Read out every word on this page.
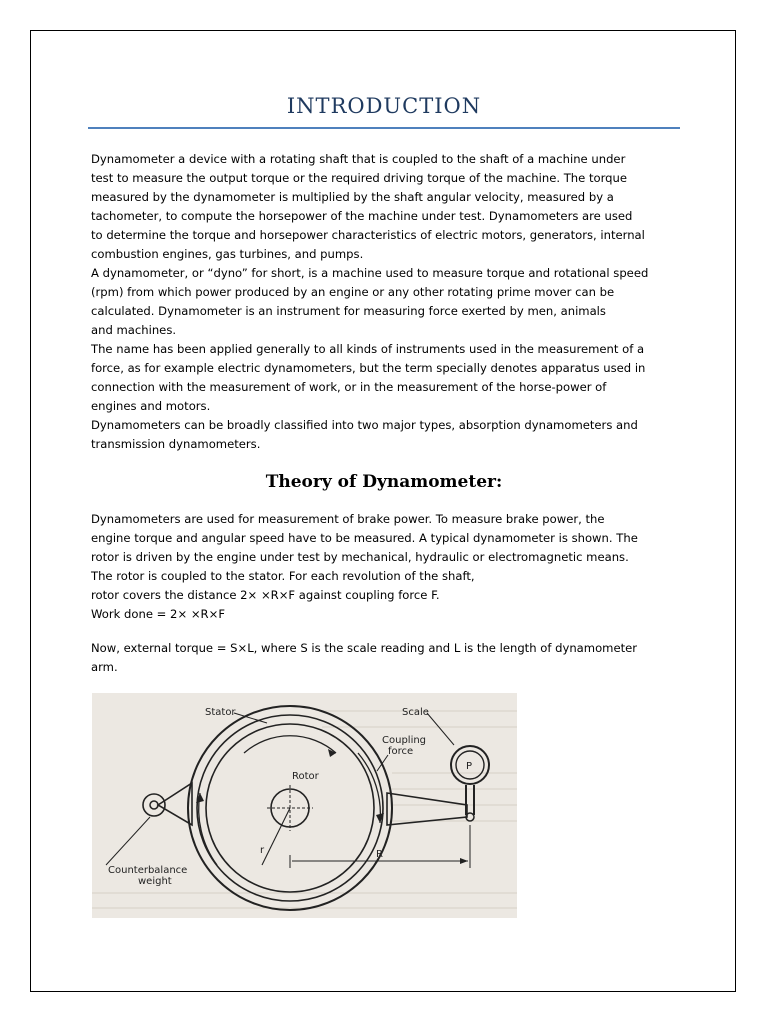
INTRODUCTION
Dynamometer a device with a rotating shaft that is coupled to the shaft of a machine under
test to measure the output torque or the required driving torque of the machine. The torque
measured by the dynamometer is multiplied by the shaft angular velocity, measured by a
tachometer, to compute the horsepower of the machine under test. Dynamometers are used
to determine the torque and horsepower characteristics of electric motors, generators, internal
combustion engines, gas turbines, and pumps.
A dynamometer, or “dyno” for short, is a machine used to measure torque and rotational speed
(rpm) from which power produced by an engine or any other rotating prime mover can be
calculated. Dynamometer is an instrument for measuring force exerted by men, animals
and machines.
The name has been applied generally to all kinds of instruments used in the measurement of a
force, as for example electric dynamometers, but the term specially denotes apparatus used in
connection with the measurement of work, or in the measurement of the horse-power of
engines and motors.
Dynamometers can be broadly classified into two major types, absorption dynamometers and
transmission dynamometers.
Theory of Dynamometer:
Dynamometers are used for measurement of brake power. To measure brake power, the
engine torque and angular speed have to be measured. A typical dynamometer is shown. The
rotor is driven by the engine under test by mechanical, hydraulic or electromagnetic means.
The rotor is coupled to the stator. For each revolution of the shaft,
rotor covers the distance 2× ×R×F against coupling force F.
Work done = 2× ×R×F
Now, external torque = S×L, where S is the scale reading and L is the length of dynamometer
arm.
Stator	Scale
Coupling
force
Rotor
P
r	R
Counterbalance
weight
